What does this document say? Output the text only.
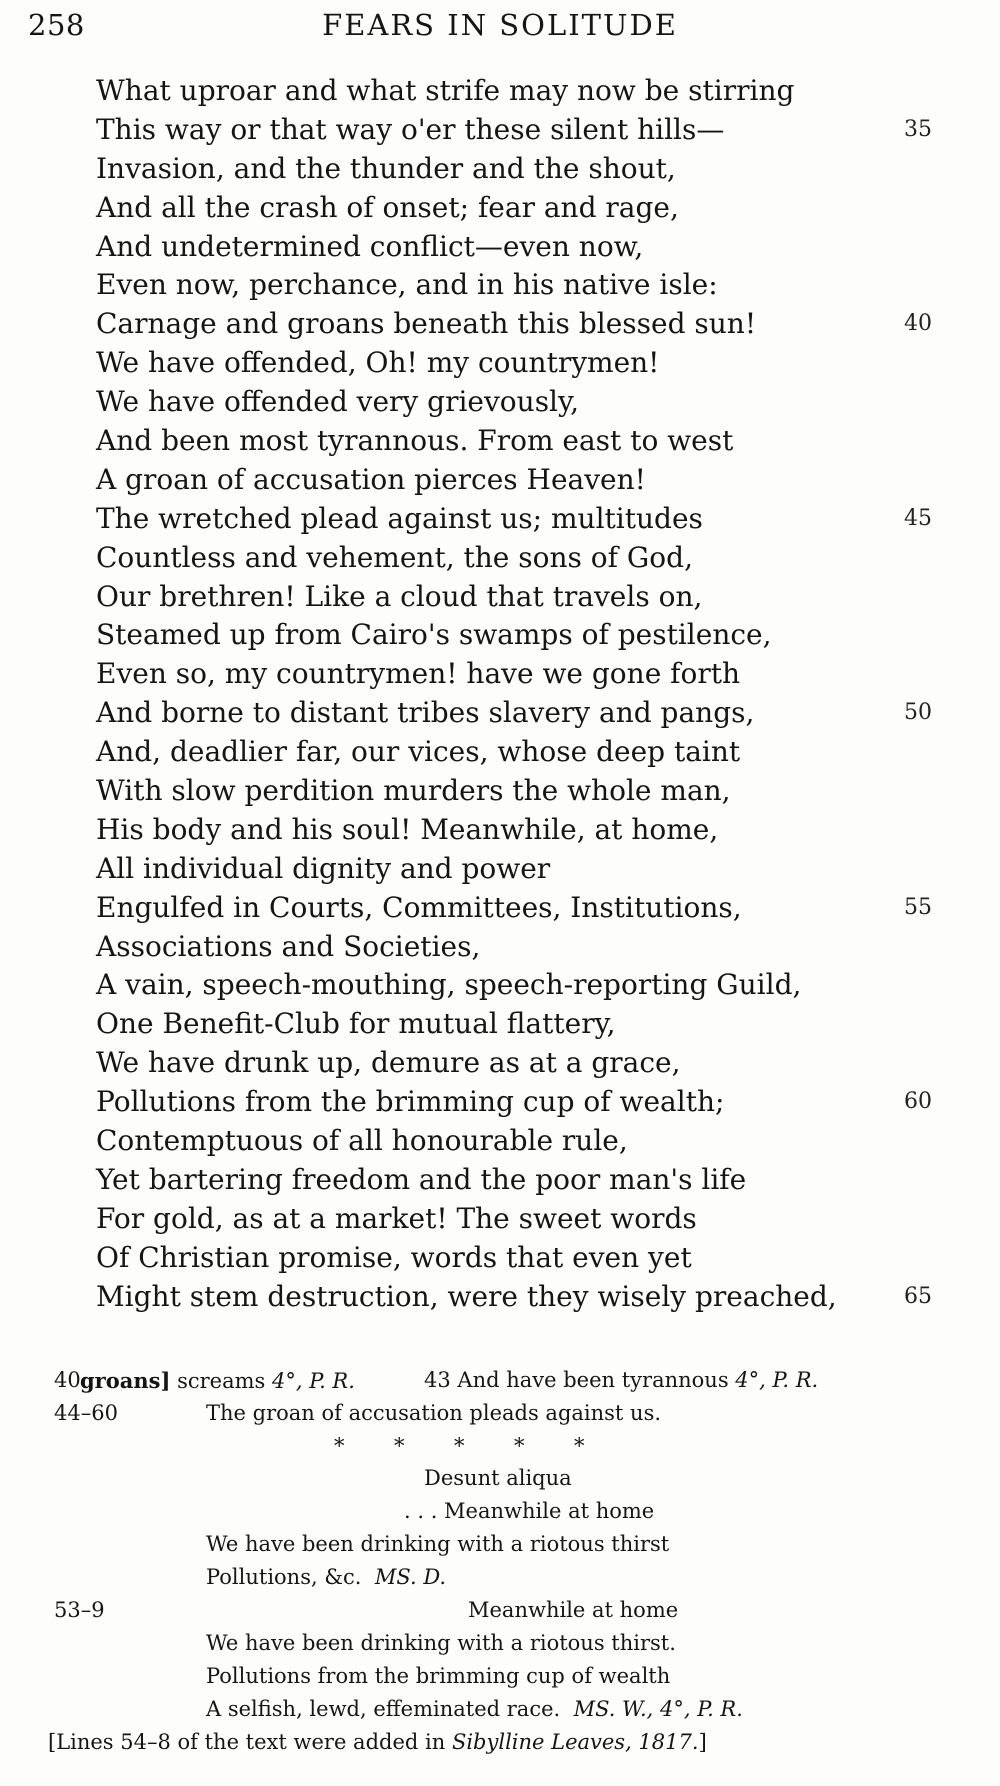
258	FEARS IN SOLITUDE
What uproar and what strife may now be stirring
This way or that way o'er these silent hills—	35
Invasion, and the thunder and the shout,
And all the crash of onset; fear and rage,
And undetermined conflict—even now,
Even now, perchance, and in his native isle:
Carnage and groans beneath this blessed sun!	40
We have offended, Oh! my countrymen!
We have offended very grievously,
And been most tyrannous. From east to west
A groan of accusation pierces Heaven!
The wretched plead against us; multitudes	45
Countless and vehement, the sons of God,
Our brethren! Like a cloud that travels on,
Steamed up from Cairo's swamps of pestilence,
Even so, my countrymen! have we gone forth
And borne to distant tribes slavery and pangs,	50
And, deadlier far, our vices, whose deep taint
With slow perdition murders the whole man,
His body and his soul! Meanwhile, at home,
All individual dignity and power
Engulfed in Courts, Committees, Institutions,	55
Associations and Societies,
A vain, speech-mouthing, speech-reporting Guild,
One Benefit-Club for mutual flattery,
We have drunk up, demure as at a grace,
Pollutions from the brimming cup of wealth;	60
Contemptuous of all honourable rule,
Yet bartering freedom and the poor man's life
For gold, as at a market! The sweet words
Of Christian promise, words that even yet
Might stem destruction, were they wisely preached,	65
40 groans] screams 4°, P. R.	43 And have been tyrannous 4°, P. R.
44–60	The groan of accusation pleads against us.
* * * * *
Desunt aliqua
. . . Meanwhile at home
We have been drinking with a riotous thirst
Pollutions, &c. MS. D.
53–9	Meanwhile at home
We have been drinking with a riotous thirst.
Pollutions from the brimming cup of wealth
A selfish, lewd, effeminated race. MS. W., 4°, P. R.
[Lines 54–8 of the text were added in Sibylline Leaves, 1817.]
